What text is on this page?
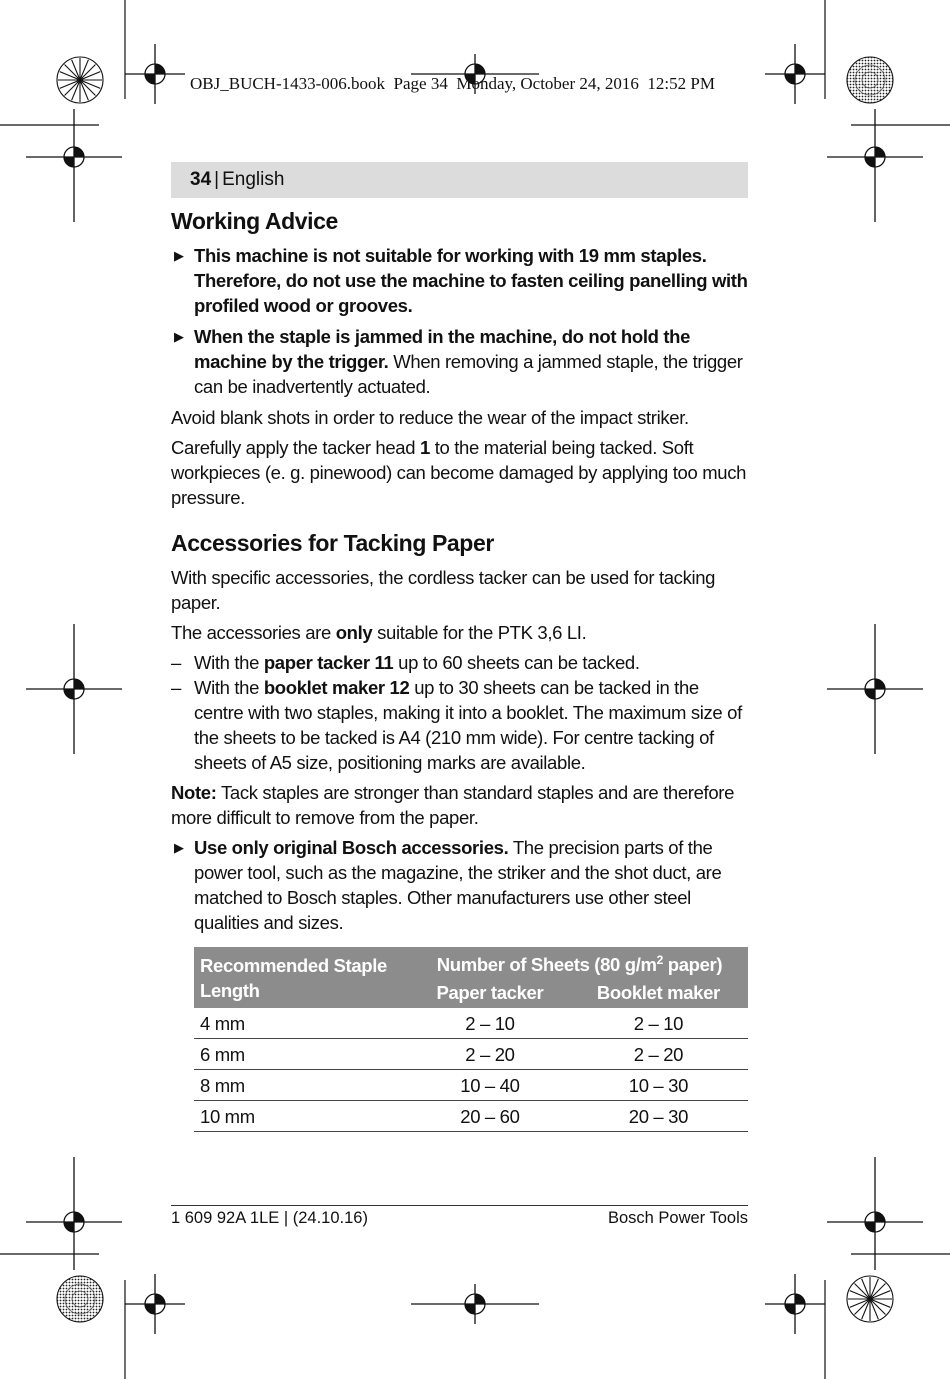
OBJ_BUCH-1433-006.book  Page 34  Monday, October 24, 2016  12:52 PM
34 | English
Working Advice
▶ This machine is not suitable for working with 19 mm staples. Therefore, do not use the machine to fasten ceiling panelling with profiled wood or grooves.
▶ When the staple is jammed in the machine, do not hold the machine by the trigger. When removing a jammed staple, the trigger can be inadvertently actuated.

Avoid blank shots in order to reduce the wear of the impact striker.

Carefully apply the tacker head 1 to the material being tacked. Soft workpieces (e. g. pinewood) can become damaged by applying too much pressure.

Accessories for Tacking Paper

With specific accessories, the cordless tacker can be used for tacking paper.

The accessories are only suitable for the PTK 3,6 LI.

– With the paper tacker 11 up to 60 sheets can be tacked.
– With the booklet maker 12 up to 30 sheets can be tacked in the centre with two staples, making it into a booklet. The maximum size of the sheets to be tacked is A4 (210 mm wide). For centre tacking of sheets of A5 size, positioning marks are available.

Note: Tack staples are stronger than standard staples and are therefore more difficult to remove from the paper.

▶ Use only original Bosch accessories. The precision parts of the power tool, such as the magazine, the striker and the shot duct, are matched to Bosch staples. Other manufacturers use other steel qualities and sizes.
Recommended Staple Length	Number of Sheets (80 $g/m^2$ paper)	
	Paper tacker	Booklet maker
4 mm	2 – 10	2 – 10
6 mm	2 – 20	2 – 20
8 mm	10 – 40	10 – 30
10 mm	20 – 60	20 – 30
1 609 92A 1LE | (24.10.16)	Bosch Power Tools
